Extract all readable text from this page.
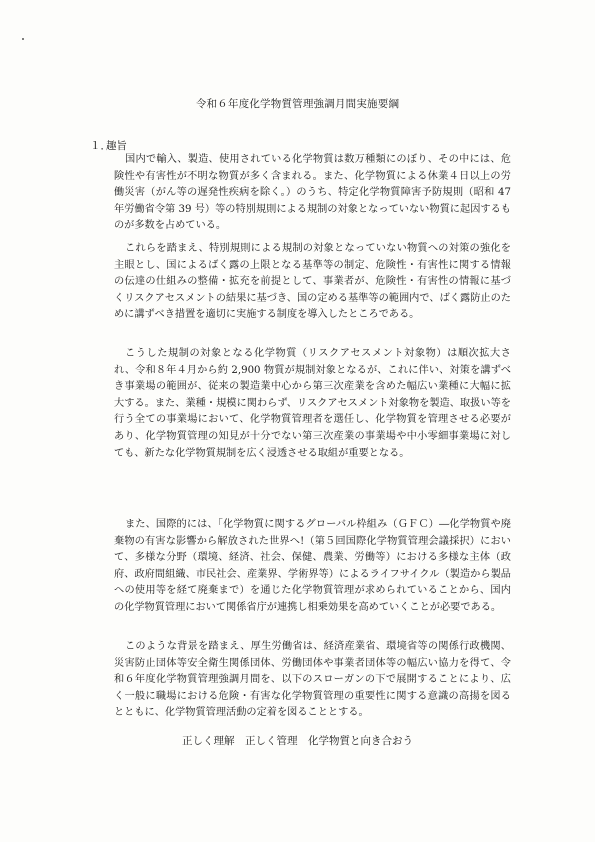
令和６年度化学物質管理強調月間実施要綱
１．趣旨

国内で輸入、製造、使用されている化学物質は数万種類にのぼり、その中には、危険性や有害性が不明な物質が多く含まれる。また、化学物質による休業４日以上の労働災害（がん等の遅発性疾病を除く。）のうち、特定化学物質障害予防規則（昭和 47 年労働省令第 39 号）等の特別規則による規制の対象となっていない物質に起因するものが多数を占めている。

これらを踏まえ、特別規則による規制の対象となっていない物質への対策の強化を主眼とし、国によるばく露の上限となる基準等の制定、危険性・有害性に関する情報の伝達の仕組みの整備・拡充を前提として、事業者が、危険性・有害性の情報に基づくリスクアセスメントの結果に基づき、国の定める基準等の範囲内で、ばく露防止のために講ずべき措置を適切に実施する制度を導入したところである。

こうした規制の対象となる化学物質（リスクアセスメント対象物）は順次拡大され、令和８年４月から約 2,900 物質が規制対象となるが、これに伴い、対策を講ずべき事業場の範囲が、従来の製造業中心から第三次産業を含めた幅広い業種に大幅に拡大する。また、業種・規模に関わらず、リスクアセスメント対象物を製造、取扱い等を行う全ての事業場において、化学物質管理者を選任し、化学物質を管理させる必要があり、化学物質管理の知見が十分でない第三次産業の事業場や中小零細事業場に対しても、新たな化学物質規制を広く浸透させる取組が重要となる。

また、国際的には、「化学物質に関するグローバル枠組み（ＧＦＣ）―化学物質や廃棄物の有害な影響から解放された世界へ!（第５回国際化学物質管理会議採択）において、多様な分野（環境、経済、社会、保健、農業、労働等）における多様な主体（政府、政府間組織、市民社会、産業界、学術界等）によるライフサイクル（製造から製品への使用等を経て廃棄まで）を通じた化学物質管理が求められていることから、国内の化学物質管理において関係省庁が連携し相乗効果を高めていくことが必要である。

このような背景を踏まえ、厚生労働省は、経済産業省、環境省等の関係行政機関、災害防止団体等安全衛生関係団体、労働団体や事業者団体等の幅広い協力を得て、令和６年度化学物質管理強調月間を、以下のスローガンの下で展開することにより、広く一般に職場における危険・有害な化学物質管理の重要性に関する意識の高揚を図るとともに、化学物質管理活動の定着を図ることとする。

正しく理解　正しく管理　化学物質と向き合おう
